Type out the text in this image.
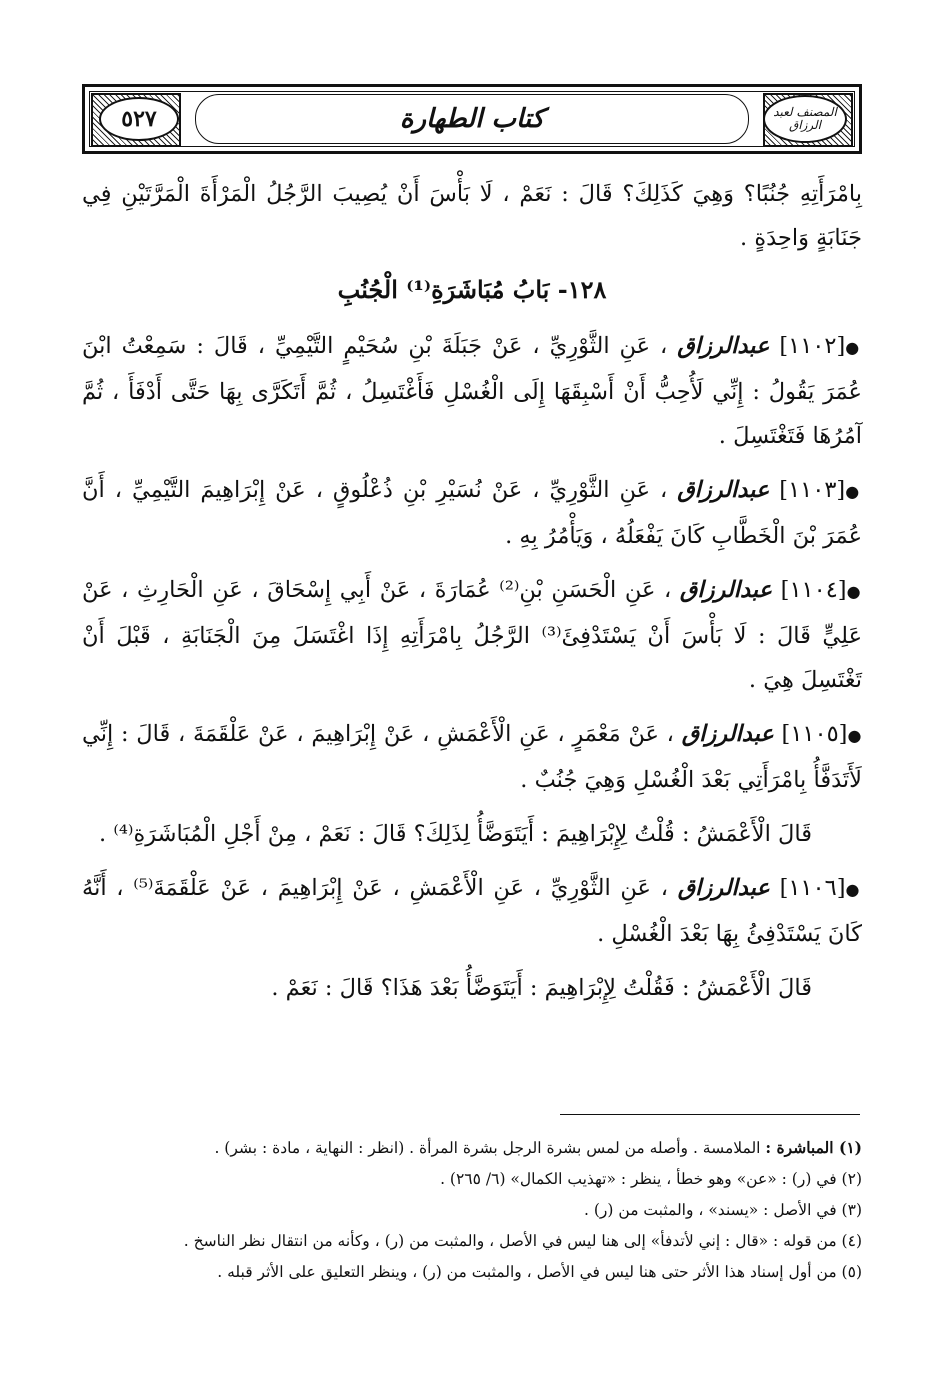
٥٢٧	المصنف لعبد الرزاق
كتاب الطهارة

بِامْرَأَتِهِ جُنُبًا؟ وَهِيَ كَذَلِكَ؟ قَالَ : نَعَمْ ، لَا بَأْسَ أَنْ يُصِيبَ الرَّجُلُ الْمَرْأَةَ الْمَرَّتَيْنِ فِي جَنَابَةٍ وَاحِدَةٍ .

١٢٨- بَابُ مُبَاشَرَةِ⁽¹⁾ الْجُنُبِ

●[١١٠٢] عبدالرزاق ، عَنِ الثَّوْرِيِّ ، عَنْ جَبَلَةَ بْنِ سُحَيْمٍ التَّيْمِيِّ ، قَالَ : سَمِعْتُ ابْنَ عُمَرَ يَقُولُ : إِنِّي لَأُحِبُّ أَنْ أَسْبِقَهَا إِلَى الْغُسْلِ فَأَغْتَسِلُ ، ثُمَّ أَتَكَرَّى بِهَا حَتَّى أَدْفَأَ ، ثُمَّ آمُرُهَا فَتَغْتَسِلَ .

●[١١٠٣] عبدالرزاق ، عَنِ الثَّوْرِيِّ ، عَنْ نُسَيْرِ بْنِ ذُعْلُوقٍ ، عَنْ إِبْرَاهِيمَ التَّيْمِيِّ ، أَنَّ عُمَرَ بْنَ الْخَطَّابِ كَانَ يَفْعَلُهُ ، وَيَأْمُرُ بِهِ .

●[١١٠٤] عبدالرزاق ، عَنِ الْحَسَنِ بْنِ⁽²⁾ عُمَارَةَ ، عَنْ أَبِي إِسْحَاقَ ، عَنِ الْحَارِثِ ، عَنْ عَلِيٍّ قَالَ : لَا بَأْسَ أَنْ يَسْتَدْفِئَ⁽³⁾ الرَّجُلُ بِامْرَأَتِهِ إِذَا اغْتَسَلَ مِنَ الْجَنَابَةِ ، قَبْلَ أَنْ تَغْتَسِلَ هِيَ .

●[١١٠٥] عبدالرزاق ، عَنْ مَعْمَرٍ ، عَنِ الْأَعْمَشِ ، عَنْ إِبْرَاهِيمَ ، عَنْ عَلْقَمَةَ ، قَالَ : إِنِّي لَأَتَدَفَّأُ بِامْرَأَتِي بَعْدَ الْغُسْلِ وَهِيَ جُنُبٌ .

قَالَ الْأَعْمَشُ : قُلْتُ لِإِبْرَاهِيمَ : أَيَتَوَضَّأُ لِذَلِكَ؟ قَالَ : نَعَمْ ، مِنْ أَجْلِ الْمُبَاشَرَةِ⁽⁴⁾ .

●[١١٠٦] عبدالرزاق ، عَنِ الثَّوْرِيِّ ، عَنِ الْأَعْمَشِ ، عَنْ إِبْرَاهِيمَ ، عَنْ عَلْقَمَةَ⁽⁵⁾ ، أَنَّهُ كَانَ يَسْتَدْفِئُ بِهَا بَعْدَ الْغُسْلِ .

قَالَ الْأَعْمَشُ : فَقُلْتُ لِإِبْرَاهِيمَ : أَيَتَوَضَّأُ بَعْدَ هَذَا؟ قَالَ : نَعَمْ .

(١) المباشرة : الملامسة . وأصله من لمس بشرة الرجل بشرة المرأة . (انظر : النهاية ، مادة : بشر) .

(٢) في (ر) : «عن» وهو خطأ ، ينظر : «تهذيب الكمال» (٦/ ٢٦٥) .

(٣) في الأصل : «يسند» ، والمثبت من (ر) .

(٤) من قوله : «قال : إني لأتدفأ» إلى هنا ليس في الأصل ، والمثبت من (ر) ، وكأنه من انتقال نظر الناسخ .

(٥) من أول إسناد هذا الأثر حتى هنا ليس في الأصل ، والمثبت من (ر) ، وينظر التعليق على الأثر قبله .
